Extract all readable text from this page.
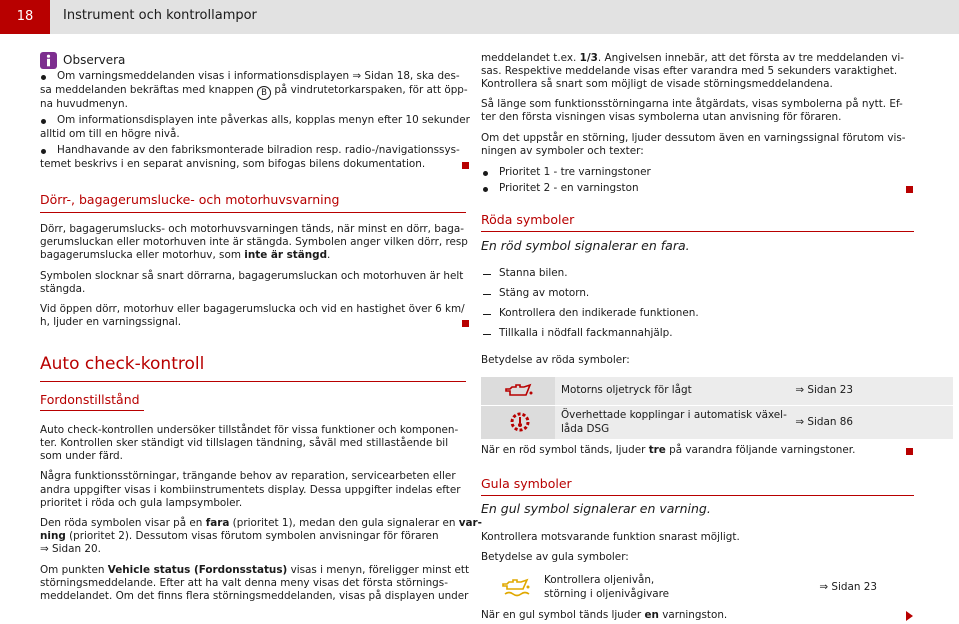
18	Instrument och kontrollampor
Observera
Om varningsmeddelanden visas i informationsdisplayen ⇒ Sidan 18, ska des-
sa meddelanden bekräftas med knappen B på vindrutetorkarspaken, för att öpp-
na huvudmenyn.
Om informationsdisplayen inte påverkas alls, kopplas menyn efter 10 sekunder
alltid om till en högre nivå.
Handhavande av den fabriksmonterade bilradion resp. radio-/navigationssys-
temet beskrivs i en separat anvisning, som bifogas bilens dokumentation.
Dörr-, bagagerumslucke- och motorhuvsvarning
Dörr, bagagerumslucks- och motorhuvsvarningen tänds, när minst en dörr, baga-
gerumsluckan eller motorhuven inte är stängda. Symbolen anger vilken dörr, resp
bagagerumslucka eller motorhuv, som inte är stängd.
Symbolen slocknar så snart dörrarna, bagagerumsluckan och motorhuven är helt
stängda.
Vid öppen dörr, motorhuv eller bagagerumslucka och vid en hastighet över 6 km/
h, ljuder en varningssignal.
Auto check-kontroll
Fordonstillstånd
Auto check-kontrollen undersöker tillståndet för vissa funktioner och komponen-
ter. Kontrollen sker ständigt vid tillslagen tändning, såväl med stillastående bil
som under färd.
Några funktionsstörningar, trängande behov av reparation, servicearbeten eller
andra uppgifter visas i kombiinstrumentets display. Dessa uppgifter indelas efter
prioritet i röda och gula lampsymboler.
Den röda symbolen visar på en fara (prioritet 1), medan den gula signalerar en var-
ning (prioritet 2). Dessutom visas förutom symbolen anvisningar för föraren
⇒ Sidan 20.
Om punkten Vehicle status (Fordonsstatus) visas i menyn, föreligger minst ett
störningsmeddelande. Efter att ha valt denna meny visas det första störnings-
meddelandet. Om det finns flera störningsmeddelanden, visas på displayen under
meddelandet t.ex. 1/3. Angivelsen innebär, att det första av tre meddelanden vi-
sas. Respektive meddelande visas efter varandra med 5 sekunders varaktighet.
Kontrollera så snart som möjligt de visade störningsmeddelandena.
Så länge som funktionsstörningarna inte åtgärdats, visas symbolerna på nytt. Ef-
ter den första visningen visas symbolerna utan anvisning för föraren.
Om det uppstår en störning, ljuder dessutom även en varningssignal förutom vis-
ningen av symboler och texter:
Prioritet 1 - tre varningstoner
Prioritet 2 - en varningston
Röda symboler
En röd symbol signalerar en fara.
Stanna bilen.
Stäng av motorn.
Kontrollera den indikerade funktionen.
Tillkalla i nödfall fackmannahjälp.
Betydelse av röda symboler:
Motorns oljetryck för lågt	⇒ Sidan 23
Överhettade kopplingar i automatisk växel-
låda DSG
⇒ Sidan 86
När en röd symbol tänds, ljuder tre på varandra följande varningstoner.
Gula symboler
En gul symbol signalerar en varning.
Kontrollera motsvarande funktion snarast möjligt.
Betydelse av gula symboler:
Kontrollera oljenivån,
störning i oljenivågivare
⇒ Sidan 23
När en gul symbol tänds ljuder en varningston.
